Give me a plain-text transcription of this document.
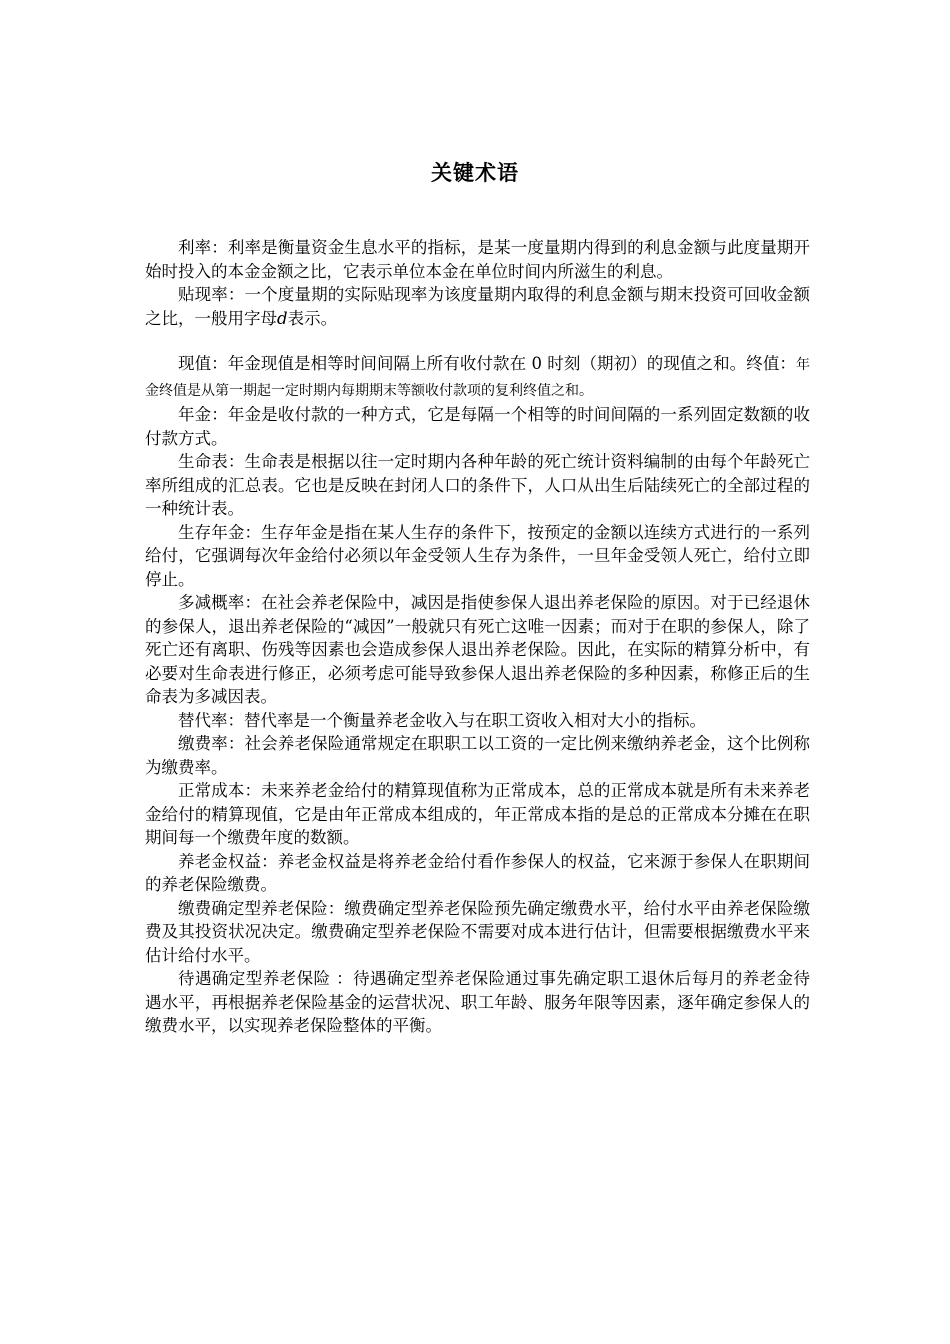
关键术语

利率：利率是衡量资金生息水平的指标，是某一度量期内得到的利息金额与此度量期开始时投入的本金金额之比，它表示单位本金在单位时间内所滋生的利息。

贴现率：一个度量期的实际贴现率为该度量期内取得的利息金额与期末投资可回收金额之比，一般用字母d表示。

现值：年金现值是相等时间间隔上所有收付款在 0 时刻（期初）的现值之和。终值：年金终值是从第一期起一定时期内每期期末等额收付款项的复利终值之和。

年金：年金是收付款的一种方式，它是每隔一个相等的时间间隔的一系列固定数额的收付款方式。

生命表：生命表是根据以往一定时期内各种年龄的死亡统计资料编制的由每个年龄死亡率所组成的汇总表。它也是反映在封闭人口的条件下，人口从出生后陆续死亡的全部过程的一种统计表。

生存年金：生存年金是指在某人生存的条件下，按预定的金额以连续方式进行的一系列给付，它强调每次年金给付必须以年金受领人生存为条件，一旦年金受领人死亡，给付立即停止。

多减概率：在社会养老保险中，减因是指使参保人退出养老保险的原因。对于已经退休的参保人，退出养老保险的“减因”一般就只有死亡这唯一因素；而对于在职的参保人，除了死亡还有离职、伤残等因素也会造成参保人退出养老保险。因此，在实际的精算分析中，有必要对生命表进行修正，必须考虑可能导致参保人退出养老保险的多种因素，称修正后的生命表为多减因表。

替代率：替代率是一个衡量养老金收入与在职工资收入相对大小的指标。

缴费率：社会养老保险通常规定在职职工以工资的一定比例来缴纳养老金，这个比例称为缴费率。

正常成本：未来养老金给付的精算现值称为正常成本，总的正常成本就是所有未来养老金给付的精算现值，它是由年正常成本组成的，年正常成本指的是总的正常成本分摊在在职期间每一个缴费年度的数额。

养老金权益：养老金权益是将养老金给付看作参保人的权益，它来源于参保人在职期间的养老保险缴费。

缴费确定型养老保险：缴费确定型养老保险预先确定缴费水平，给付水平由养老保险缴费及其投资状况决定。缴费确定型养老保险不需要对成本进行估计，但需要根据缴费水平来估计给付水平。

待遇确定型养老保险 ：待遇确定型养老保险通过事先确定职工退休后每月的养老金待遇水平，再根据养老保险基金的运营状况、职工年龄、服务年限等因素，逐年确定参保人的缴费水平，以实现养老保险整体的平衡。
